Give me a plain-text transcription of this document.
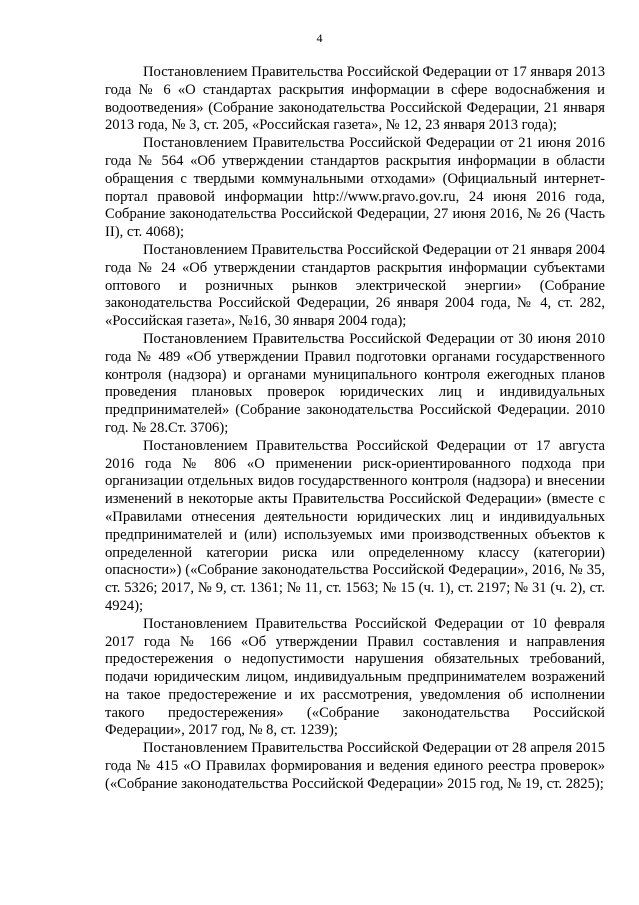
4

Постановлением Правительства Российской Федерации от 17 января 2013 года № 6 «О стандартах раскрытия информации в сфере водоснабжения и водоотведения» (Собрание законодательства Российской Федерации, 21 января 2013 года, № 3, ст. 205, «Российская газета», № 12, 23 января 2013 года);

Постановлением Правительства Российской Федерации от 21 июня 2016 года № 564 «Об утверждении стандартов раскрытия информации в области обращения с твердыми коммунальными отходами» (Официальный интернет-портал правовой информации http://www.pravo.gov.ru, 24 июня 2016 года, Собрание законодательства Российской Федерации, 27 июня 2016, № 26 (Часть II), ст. 4068);

Постановлением Правительства Российской Федерации от 21 января 2004 года № 24 «Об утверждении стандартов раскрытия информации субъектами оптового и розничных рынков электрической энергии» (Собрание законодательства Российской Федерации, 26 января 2004 года, № 4, ст. 282, «Российская газета», №16, 30 января 2004 года);

Постановлением Правительства Российской Федерации от 30 июня 2010 года № 489 «Об утверждении Правил подготовки органами государственного контроля (надзора) и органами муниципального контроля ежегодных планов проведения плановых проверок юридических лиц и индивидуальных предпринимателей» (Собрание законодательства Российской Федерации. 2010 год. № 28.Ст. 3706);

Постановлением Правительства Российской Федерации от 17 августа 2016 года № 806 «О применении риск-ориентированного подхода при организации отдельных видов государственного контроля (надзора) и внесении изменений в некоторые акты Правительства Российской Федерации» (вместе с «Правилами отнесения деятельности юридических лиц и индивидуальных предпринимателей и (или) используемых ими производственных объектов к определенной категории риска или определенному классу (категории) опасности») («Собрание законодательства Российской Федерации», 2016, № 35, ст. 5326; 2017, № 9, ст. 1361; № 11, ст. 1563; № 15 (ч. 1), ст. 2197; № 31 (ч. 2), ст. 4924);

Постановлением Правительства Российской Федерации от 10 февраля 2017 года № 166 «Об утверждении Правил составления и направления предостережения о недопустимости нарушения обязательных требований, подачи юридическим лицом, индивидуальным предпринимателем возражений на такое предостережение и их рассмотрения, уведомления об исполнении такого предостережения» («Собрание законодательства Российской Федерации», 2017 год, № 8, ст. 1239);

Постановлением Правительства Российской Федерации от 28 апреля 2015 года № 415 «О Правилах формирования и ведения единого реестра проверок» («Собрание законодательства Российской Федерации» 2015 год, № 19, ст. 2825);
